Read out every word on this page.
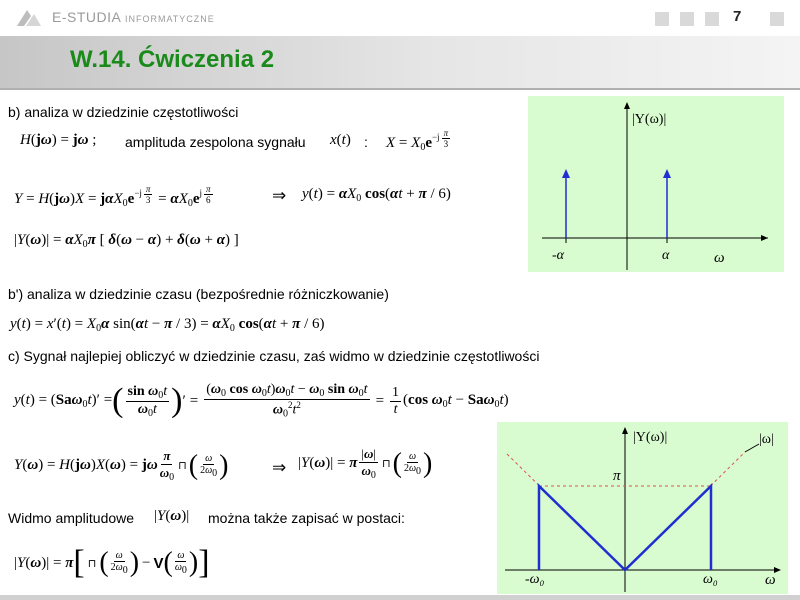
E-STUDIA INFORMATYCZNE	7
W.14. Ćwiczenia 2
b) analiza w dziedzinie częstotliwości
H(jω) = jω ; amplituda zespolona sygnału x(t) : $X = X_0e^{-j \frac{\pi}{3}}$
$Y = H(j\omega)X = j\alpha X_0e^{-j \frac{\pi}{3}} = \alpha X_0e^{j \frac{\pi}{6}}$	⇒ $y(t) = \alpha X_0$ cos(αt + π / 6)
$|Y(\omega)| = \alpha X_0\pi$ [ δ(ω − α) + δ(ω + α) ]
|Y(ω)|
-α	α	ω
b') analiza w dziedzinie czasu (bezpośrednie różniczkowanie)
$y(t) = x'(t) = X_0\alpha$ $\sin(\alpha t - \pi / 3) = \alpha X_0$ cos(αt + π / 6)
c) Sygnał najlepiej obliczyć w dziedzinie czasu, zaś widmo w dziedzinie częstotliwości
y(t) = (Saω$_0$t)′ = ( $\frac{\sin \omega_0t}{\omega_0t}$ ) ′ = $\frac{(\omega_0 \cos \omega_0t)\omega_0t - \omega_0 \sin \omega_0t}{\omega_0^2t^2} = \frac{1}{t} (\cos$ $\omega_0t - Sa\omega_0t$)
Y(ω) = H(jω)X(ω) = jω $\frac{\pi}{\omega_0}$ ⊓ ( $\frac{\omega}{2\omega 0}$ )	⇒ |Y(ω)| = π $\frac{|\omega|}{\omega_0}$ ⊓ ( $\frac{\omega}{2\omega 0}$ )
Widmo amplitudowe |Y(ω)| można także zapisać w postaci:
|Y(ω)| = π [ ⊓ ( $\frac{\omega}{2\omega 0}$ ) − V ( $\frac{\omega}{\omega 0}$ ) ]
|Y(ω)|	|ω|
π
-ω₀	ω₀	ω
